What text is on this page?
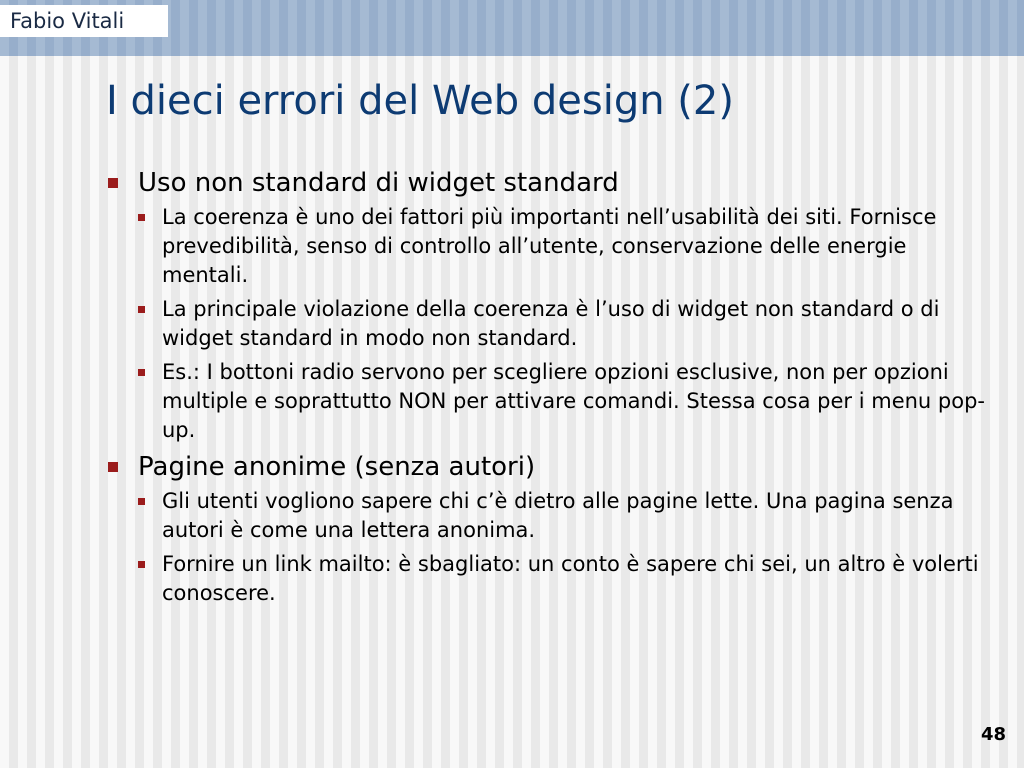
Fabio Vitali
I dieci errori del Web design (2)
Uso non standard di widget standard
La coerenza è uno dei fattori più importanti nell’usabilità dei siti. Fornisce prevedibilità, senso di controllo all’utente, conservazione delle energie mentali.
La principale violazione della coerenza è l’uso di widget non standard o di widget standard in modo non standard.
Es.: I bottoni radio servono per scegliere opzioni esclusive, non per opzioni multiple e soprattutto NON per attivare comandi. Stessa cosa per i menu pop-up.
Pagine anonime (senza autori)
Gli utenti vogliono sapere chi c’è dietro alle pagine lette. Una pagina senza autori è come una lettera anonima.
Fornire un link mailto: è sbagliato: un conto è sapere chi sei, un altro è volerti conoscere.
48
